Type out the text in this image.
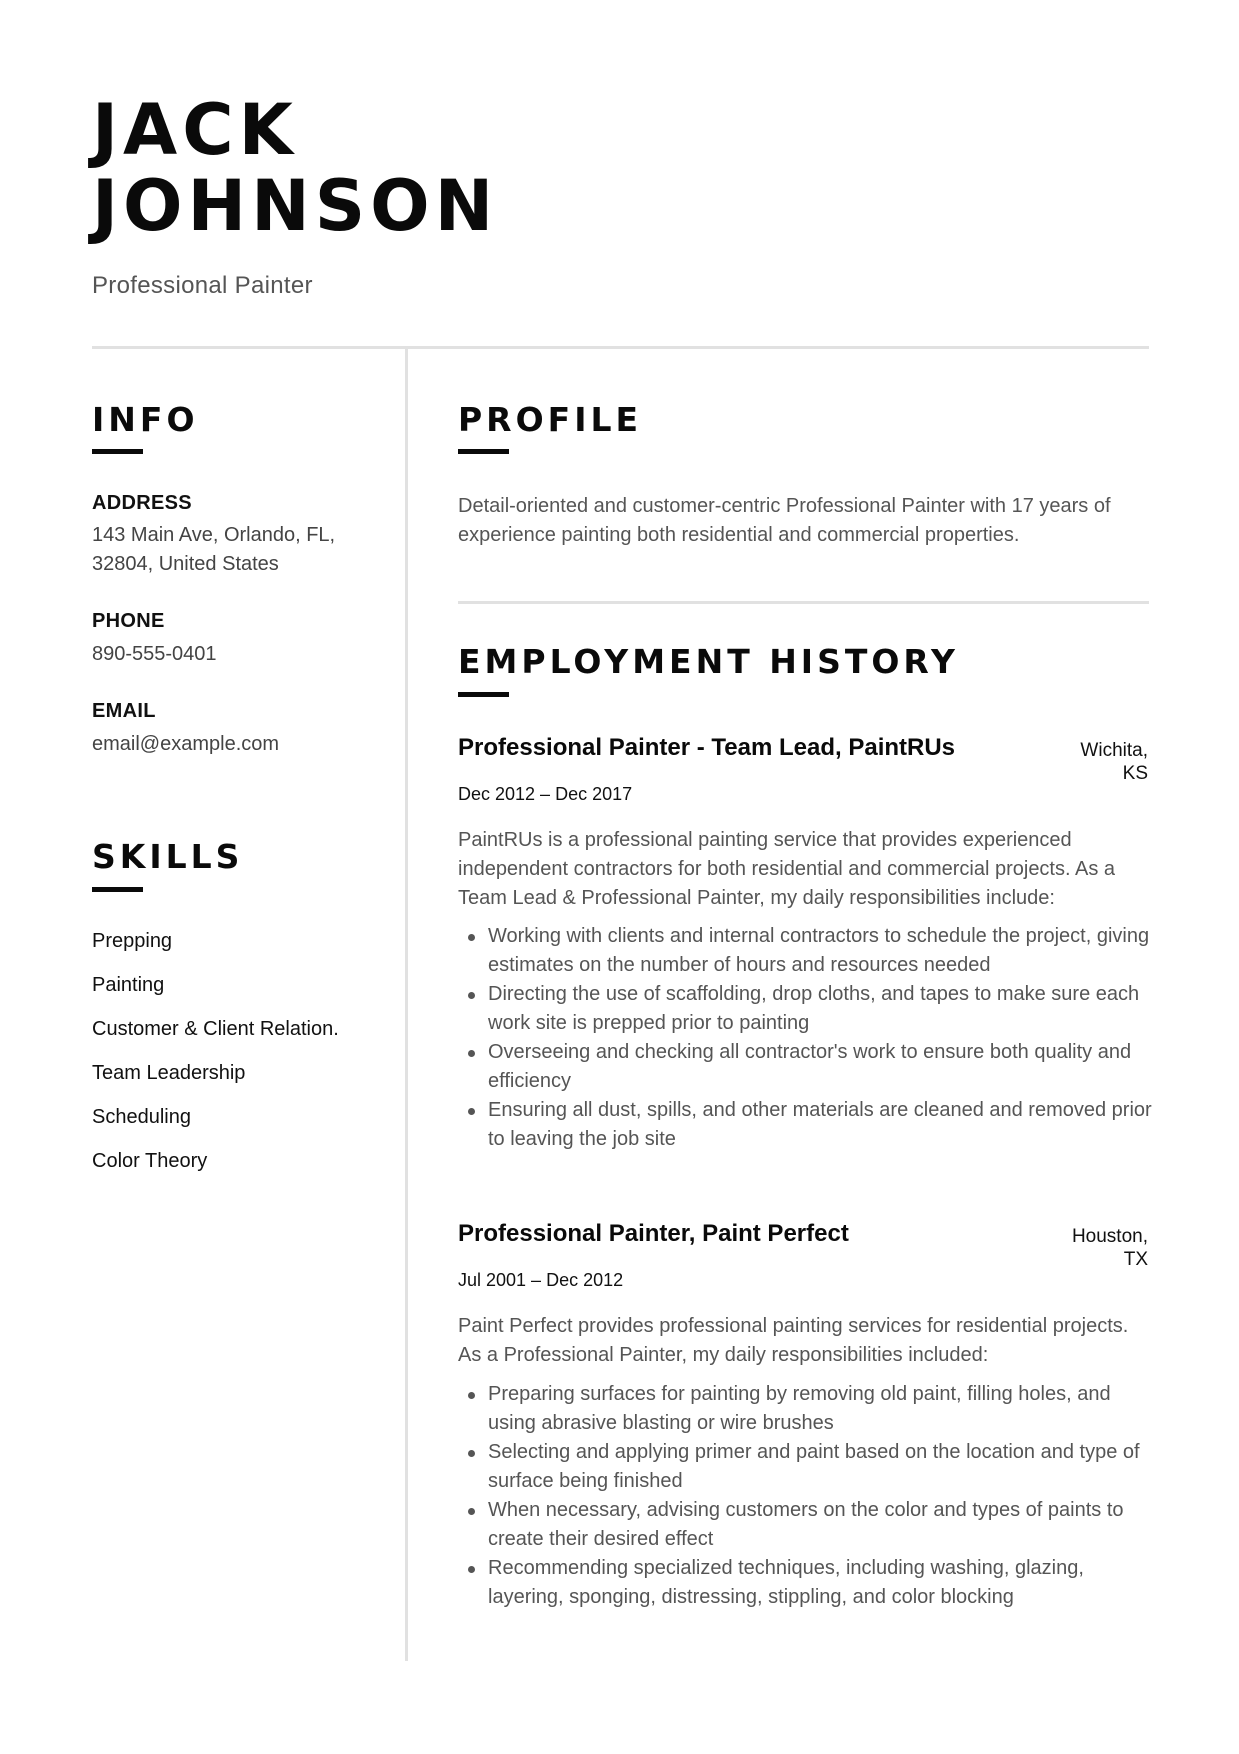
JACK
JOHNSON
Professional Painter
INFO
ADDRESS
143 Main Ave, Orlando, FL,
32804, United States
PHONE
890-555-0401
EMAIL
email@example.com
SKILLS
Prepping
Painting
Customer & Client Relation.
Team Leadership
Scheduling
Color Theory
PROFILE

Detail-oriented and customer-centric Professional Painter with 17 years of experience painting both residential and commercial properties.

EMPLOYMENT HISTORY
Professional Painter - Team Lead, PaintRUs	Wichita,
KS
Dec 2012 – Dec 2017

PaintRUs is a professional painting service that provides experienced independent contractors for both residential and commercial projects. As a Team Lead & Professional Painter, my daily responsibilities include:

Working with clients and internal contractors to schedule the project, giving estimates on the number of hours and resources needed
Directing the use of scaffolding, drop cloths, and tapes to make sure each work site is prepped prior to painting
Overseeing and checking all contractor's work to ensure both quality and efficiency
Ensuring all dust, spills, and other materials are cleaned and removed prior to leaving the job site
Professional Painter, Paint Perfect	Houston,
TX
Jul 2001 – Dec 2012

Paint Perfect provides professional painting services for residential projects. As a Professional Painter, my daily responsibilities included:

Preparing surfaces for painting by removing old paint, filling holes, and using abrasive blasting or wire brushes
Selecting and applying primer and paint based on the location and type of surface being finished
When necessary, advising customers on the color and types of paints to create their desired effect
Recommending specialized techniques, including washing, glazing, layering, sponging, distressing, stippling, and color blocking
